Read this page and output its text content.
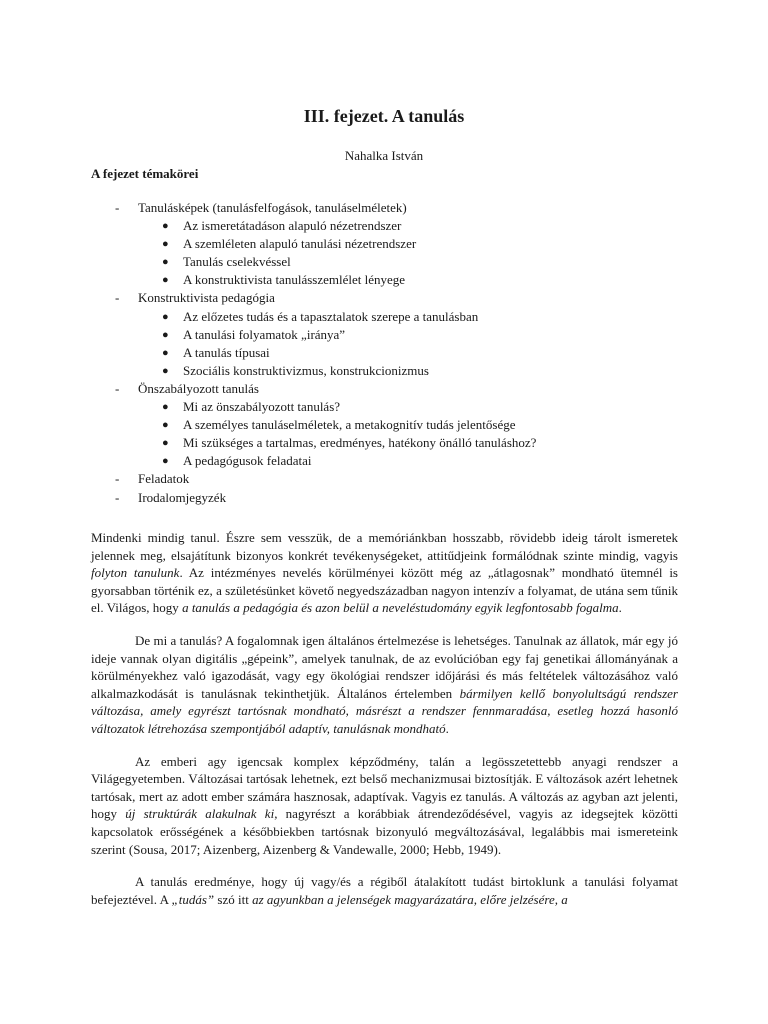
III. fejezet. A tanulás
Nahalka István
A fejezet témakörei
- Tanulásképek (tanulásfelfogások, tanuláselméletek)
● Az ismeretátadáson alapuló nézetrendszer
● A szemléleten alapuló tanulási nézetrendszer
● Tanulás cselekvéssel
● A konstruktivista tanulásszemlélet lényege
- Konstruktivista pedagógia
● Az előzetes tudás és a tapasztalatok szerepe a tanulásban
● A tanulási folyamatok „iránya”
● A tanulás típusai
● Szociális konstruktivizmus, konstrukcionizmus
- Önszabályozott tanulás
● Mi az önszabályozott tanulás?
● A személyes tanuláselméletek, a metakognitív tudás jelentősége
● Mi szükséges a tartalmas, eredményes, hatékony önálló tanuláshoz?
● A pedagógusok feladatai
- Feladatok
- Irodalomjegyzék

Mindenki mindig tanul. Észre sem vesszük, de a memóriánkban hosszabb, rövidebb ideig tárolt ismeretek jelennek meg, elsajátítunk bizonyos konkrét tevékenységeket, attitűdjeink formálódnak szinte mindig, vagyis folyton tanulunk. Az intézményes nevelés körülményei között még az „átlagosnak” mondható ütemnél is gyorsabban történik ez, a születésünket követő negyedszázadban nagyon intenzív a folyamat, de utána sem tűnik el. Világos, hogy a tanulás a pedagógia és azon belül a neveléstudomány egyik legfontosabb fogalma.

De mi a tanulás? A fogalomnak igen általános értelmezése is lehetséges. Tanulnak az állatok, már egy jó ideje vannak olyan digitális „gépeink”, amelyek tanulnak, de az evolúcióban egy faj genetikai állományának a körülményekhez való igazodását, vagy egy ökológiai rendszer időjárási és más feltételek változásához való alkalmazkodását is tanulásnak tekinthetjük. Általános értelemben bármilyen kellő bonyolultságú rendszer változása, amely egyrészt tartósnak mondható, másrészt a rendszer fennmaradása, esetleg hozzá hasonló változatok létrehozása szempontjából adaptív, tanulásnak mondható.

Az emberi agy igencsak komplex képződmény, talán a legösszetettebb anyagi rendszer a Világegyetemben. Változásai tartósak lehetnek, ezt belső mechanizmusai biztosítják. E változások azért lehetnek tartósak, mert az adott ember számára hasznosak, adaptívak. Vagyis ez tanulás. A változás az agyban azt jelenti, hogy új struktúrák alakulnak ki, nagyrészt a korábbiak átrendeződésével, vagyis az idegsejtek közötti kapcsolatok erősségének a későbbiekben tartósnak bizonyuló megváltozásával, legalábbis mai ismereteink szerint (Sousa, 2017; Aizenberg, Aizenberg & Vandewalle, 2000; Hebb, 1949).

A tanulás eredménye, hogy új vagy/és a régiből átalakított tudást birtoklunk a tanulási folyamat befejeztével. A „tudás” szó itt az agyunkban a jelenségek magyarázatára, előre jelzésére, a
